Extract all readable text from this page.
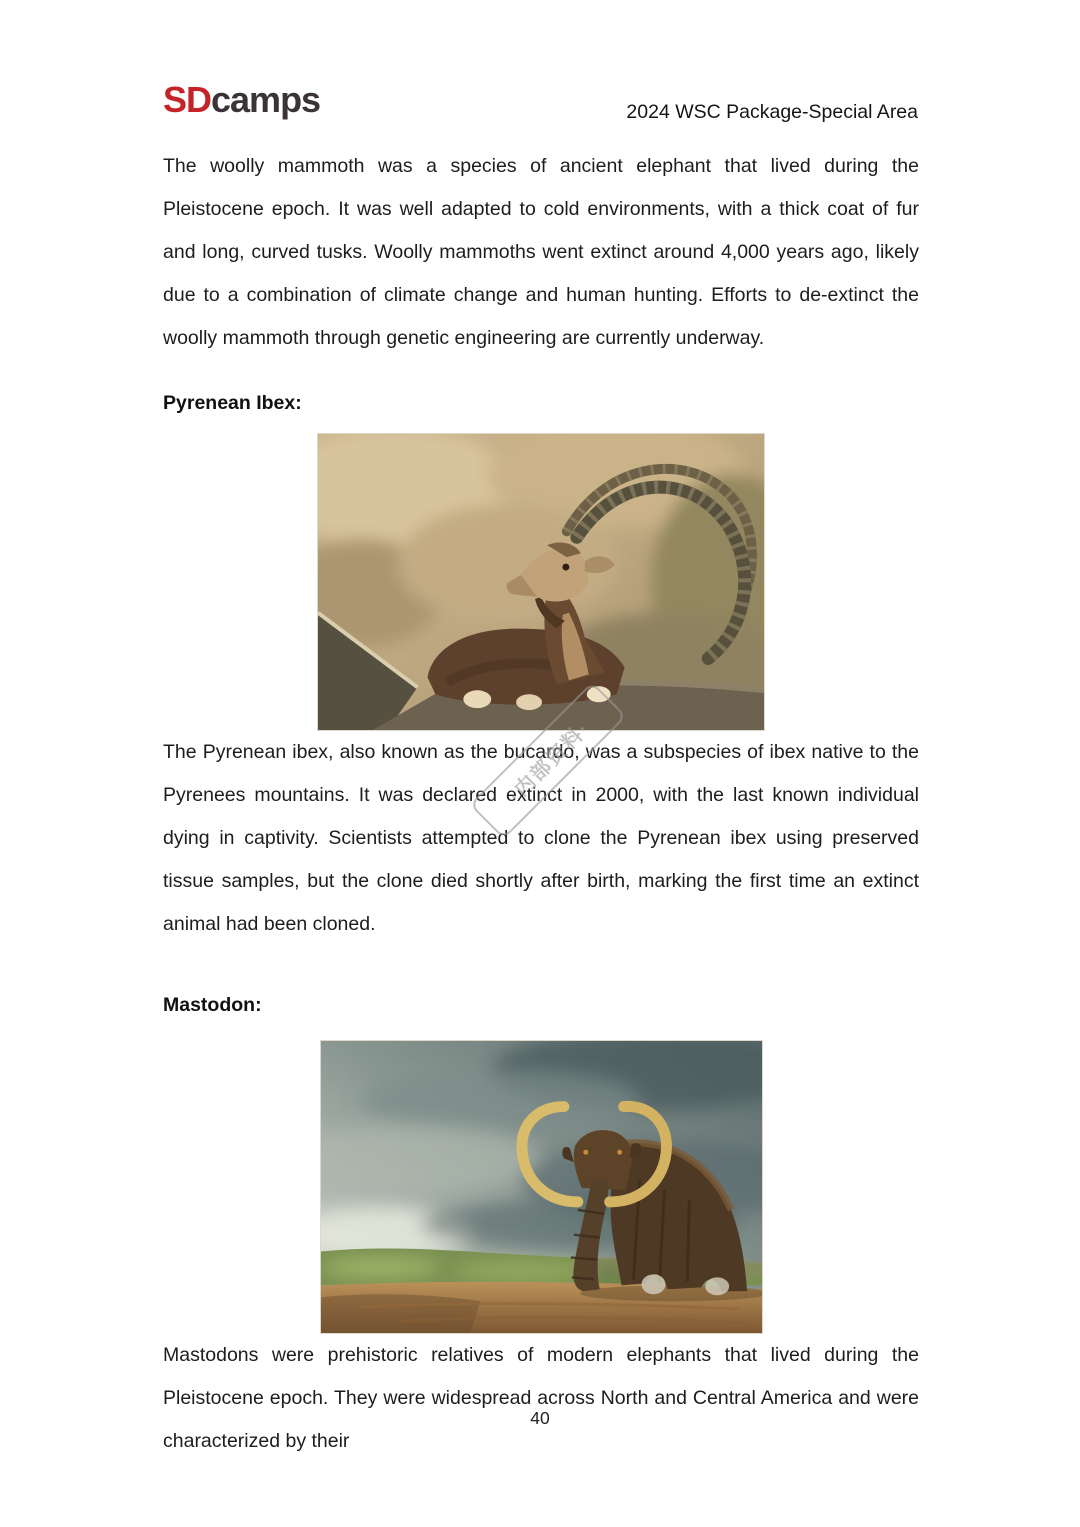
SDcamps	2024 WSC Package-Special Area

The woolly mammoth was a species of ancient elephant that lived during the Pleistocene epoch. It was well adapted to cold environments, with a thick coat of fur and long, curved tusks. Woolly mammoths went extinct around 4,000 years ago, likely due to a combination of climate change and human hunting. Efforts to de-extinct the woolly mammoth through genetic engineering are currently underway.

Pyrenean Ibex:

The Pyrenean ibex, also known as the bucardo, was a subspecies of ibex native to the Pyrenees mountains. It was declared extinct in 2000, with the last known individual dying in captivity. Scientists attempted to clone the Pyrenean ibex using preserved tissue samples, but the clone died shortly after birth, marking the first time an extinct animal had been cloned.

Mastodon:

Mastodons were prehistoric relatives of modern elephants that lived during the Pleistocene epoch. They were widespread across North and Central America and were characterized by their

·内部资料·
40
